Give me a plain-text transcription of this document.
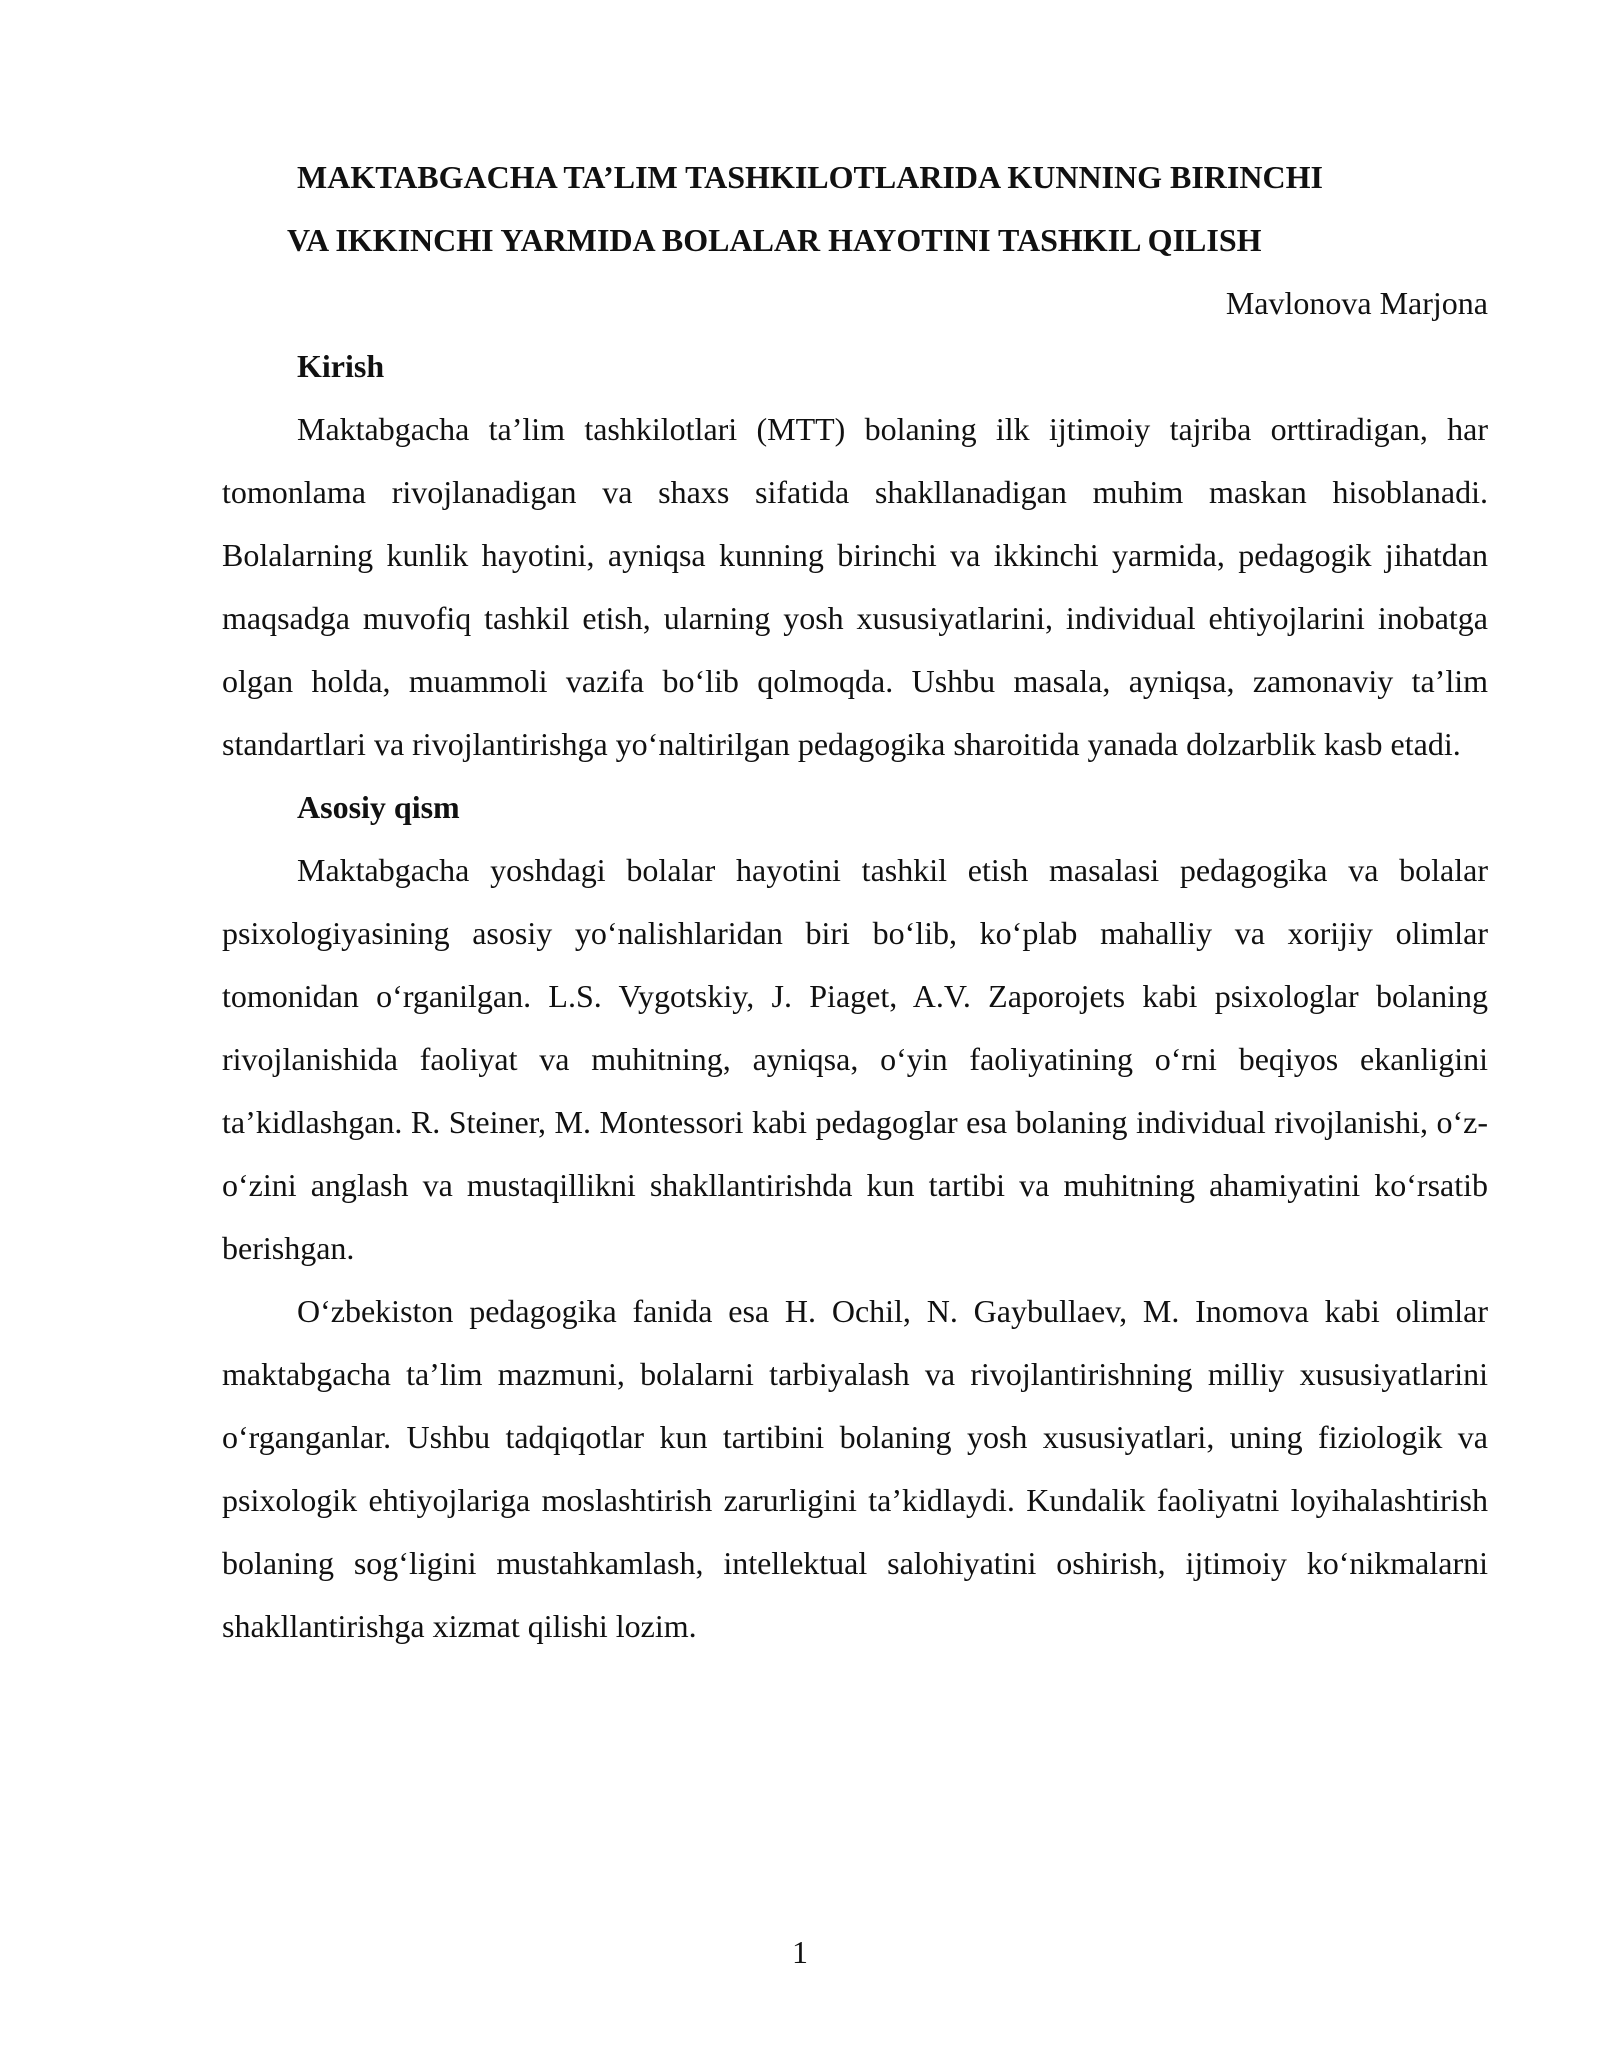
MAKTABGACHA TA’LIM TASHKILOTLARIDA KUNNING BIRINCHI
VA IKKINCHI YARMIDA BOLALAR HAYOTINI TASHKIL QILISH

Mavlonova Marjona

Kirish

Maktabgacha ta’lim tashkilotlari (MTT) bolaning ilk ijtimoiy tajriba orttiradigan, har tomonlama rivojlanadigan va shaxs sifatida shakllanadigan muhim maskan hisoblanadi. Bolalarning kunlik hayotini, ayniqsa kunning birinchi va ikkinchi yarmida, pedagogik jihatdan maqsadga muvofiq tashkil etish, ularning yosh xususiyatlarini, individual ehtiyojlarini inobatga olgan holda, muammoli vazifa bo‘lib qolmoqda. Ushbu masala, ayniqsa, zamonaviy ta’lim standartlari va rivojlantirishga yo‘naltirilgan pedagogika sharoitida yanada dolzarblik kasb etadi.

Asosiy qism

Maktabgacha yoshdagi bolalar hayotini tashkil etish masalasi pedagogika va bolalar psixologiyasining asosiy yo‘nalishlaridan biri bo‘lib, ko‘plab mahalliy va xorijiy olimlar tomonidan o‘rganilgan. L.S. Vygotskiy, J. Piaget, A.V. Zaporojets kabi psixologlar bolaning rivojlanishida faoliyat va muhitning, ayniqsa, o‘yin faoliyatining o‘rni beqiyos ekanligini ta’kidlashgan. R. Steiner, M. Montessori kabi pedagoglar esa bolaning individual rivojlanishi, o‘z-o‘zini anglash va mustaqillikni shakllantirishda kun tartibi va muhitning ahamiyatini ko‘rsatib berishgan.

O‘zbekiston pedagogika fanida esa H. Ochil, N. Gaybullaev, M. Inomova kabi olimlar maktabgacha ta’lim mazmuni, bolalarni tarbiyalash va rivojlantirishning milliy xususiyatlarini o‘rganganlar. Ushbu tadqiqotlar kun tartibini bolaning yosh xususiyatlari, uning fiziologik va psixologik ehtiyojlariga moslashtirish zarurligini ta’kidlaydi. Kundalik faoliyatni loyihalashtirish bolaning sog‘ligini mustahkamlash, intellektual salohiyatini oshirish, ijtimoiy ko‘nikmalarni shakllantirishga xizmat qilishi lozim.

1
